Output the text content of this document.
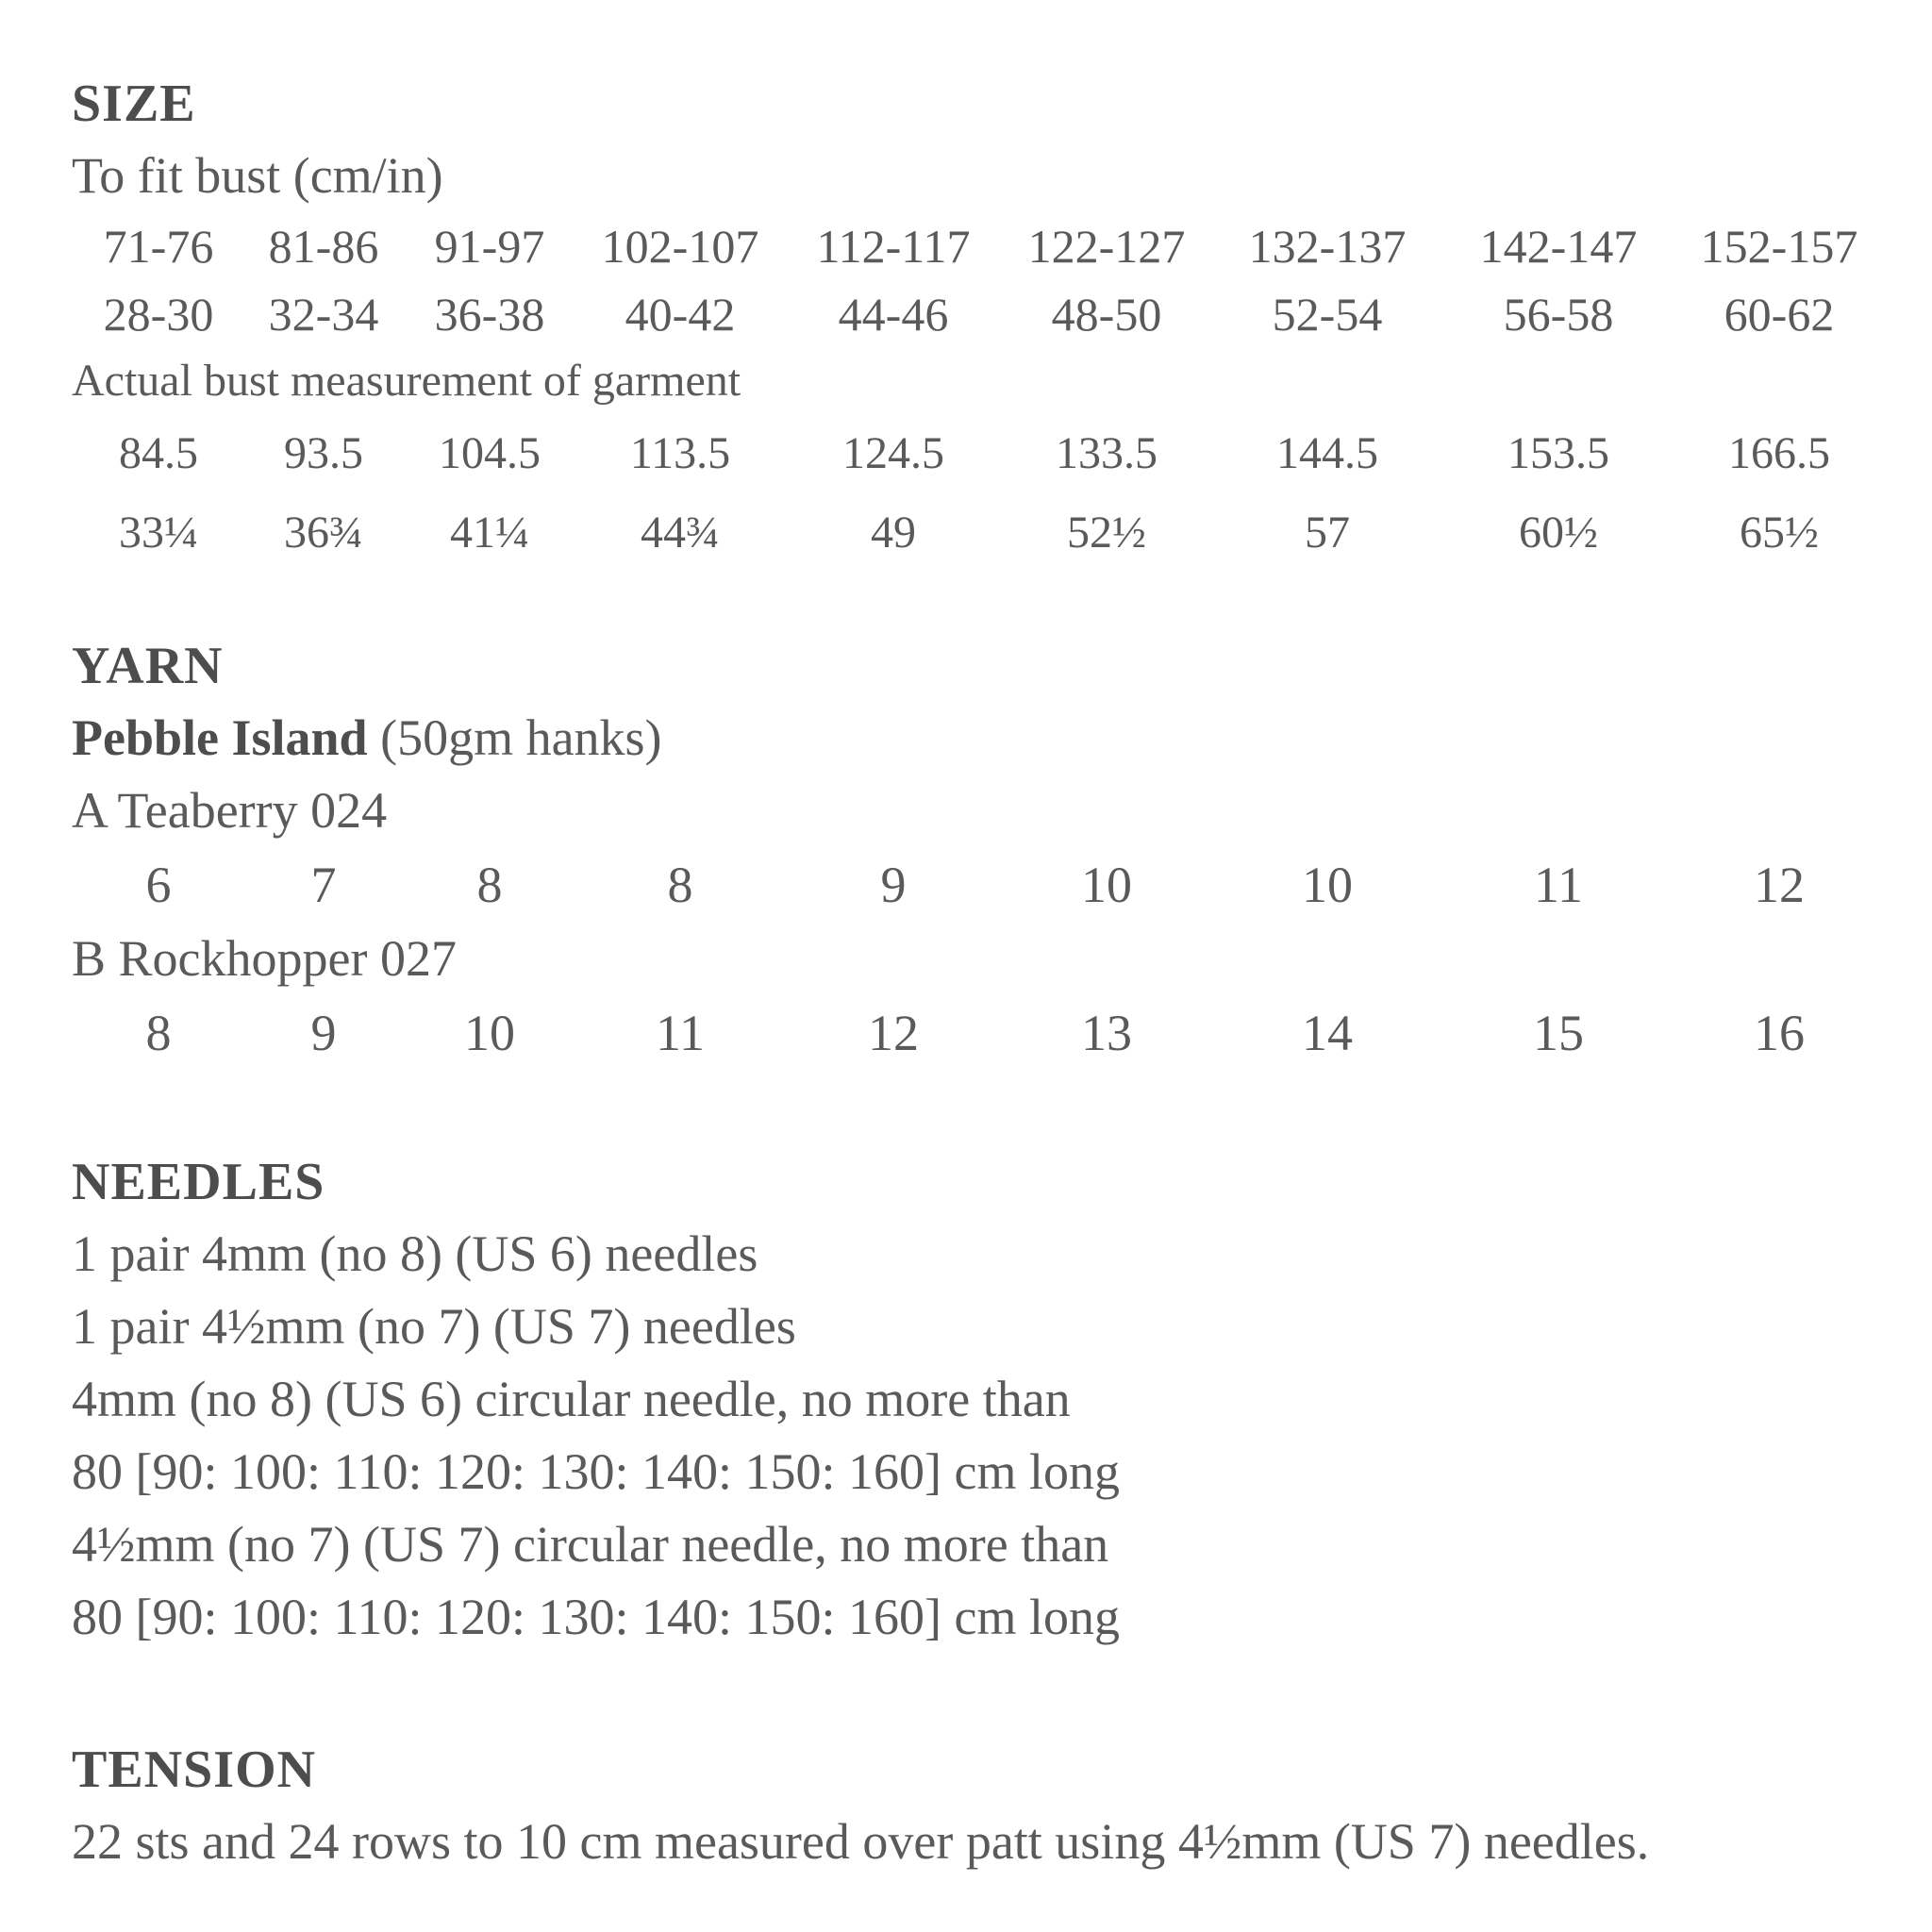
SIZE
To fit bust (cm/in)
71-76	81-86	91-97	102-107	112-117	122-127	132-137	142-147	152-157
28-30	32-34	36-38	40-42	44-46	48-50	52-54	56-58	60-62
Actual bust measurement of garment
84.5	93.5	104.5	113.5	124.5	133.5	144.5	153.5	166.5
33¼	36¾	41¼	44¾	49	52½	57	60½	65½
YARN
Pebble Island (50gm hanks)
A Teaberry 024
6	7	8	8	9	10	10	11	12
B Rockhopper 027
8	9	10	11	12	13	14	15	16
NEEDLES
1 pair 4mm (no 8) (US 6) needles
1 pair 4½mm (no 7) (US 7) needles
4mm (no 8) (US 6) circular needle, no more than
80 [90: 100: 110: 120: 130: 140: 150: 160] cm long
4½mm (no 7) (US 7) circular needle, no more than
80 [90: 100: 110: 120: 130: 140: 150: 160] cm long
TENSION
22 sts and 24 rows to 10 cm measured over patt using 4½mm (US 7) needles.
